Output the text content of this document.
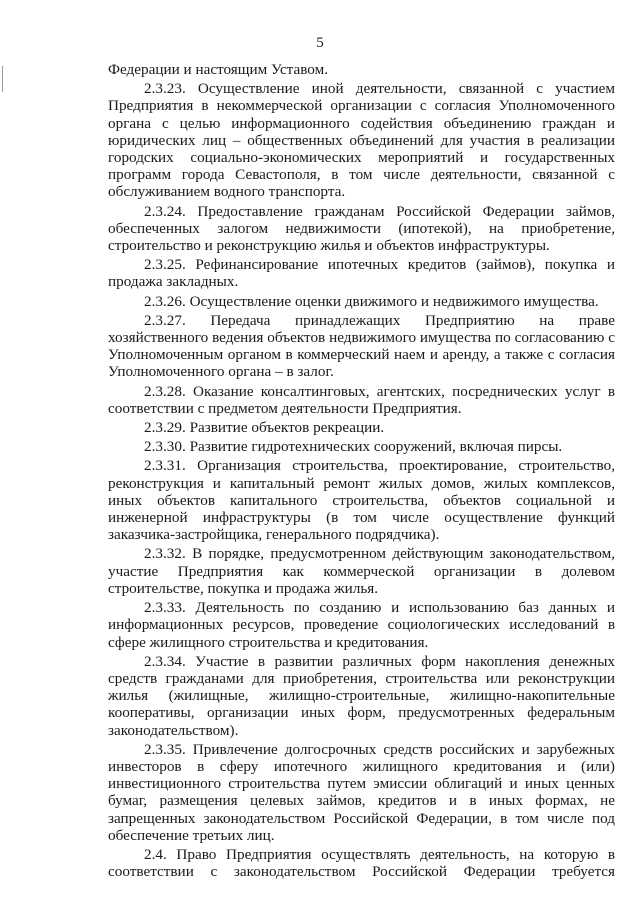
5

Федерации и настоящим Уставом.

2.3.23. Осуществление иной деятельности, связанной с участием Предприятия в некоммерческой организации с согласия Уполномоченного органа с целью информационного содействия объединению граждан и юридических лиц – общественных объединений для участия в реализации городских социально-экономических мероприятий и государственных программ города Севастополя, в том числе деятельности, связанной с обслуживанием водного транспорта.

2.3.24. Предоставление гражданам Российской Федерации займов, обеспеченных залогом недвижимости (ипотекой), на приобретение, строительство и реконструкцию жилья и объектов инфраструктуры.

2.3.25. Рефинансирование ипотечных кредитов (займов), покупка и продажа закладных.

2.3.26. Осуществление оценки движимого и недвижимого имущества.

2.3.27. Передача принадлежащих Предприятию на праве хозяйственного ведения объектов недвижимого имущества по согласованию с Уполномоченным органом в коммерческий наем и аренду, а также с согласия Уполномоченного органа – в залог.

2.3.28. Оказание консалтинговых, агентских, посреднических услуг в соответствии с предметом деятельности Предприятия.

2.3.29. Развитие объектов рекреации.

2.3.30. Развитие гидротехнических сооружений, включая пирсы.

2.3.31. Организация строительства, проектирование, строительство, реконструкция и капитальный ремонт жилых домов, жилых комплексов, иных объектов капитального строительства, объектов социальной и инженерной инфраструктуры (в том числе осуществление функций заказчика-застройщика, генерального подрядчика).

2.3.32. В порядке, предусмотренном действующим законодательством, участие Предприятия как коммерческой организации в долевом строительстве, покупка и продажа жилья.

2.3.33. Деятельность по созданию и использованию баз данных и информационных ресурсов, проведение социологических исследований в сфере жилищного строительства и кредитования.

2.3.34. Участие в развитии различных форм накопления денежных средств гражданами для приобретения, строительства или реконструкции жилья (жилищные, жилищно-строительные, жилищно-накопительные кооперативы, организации иных форм, предусмотренных федеральным законодательством).

2.3.35. Привлечение долгосрочных средств российских и зарубежных инвесторов в сферу ипотечного жилищного кредитования и (или) инвестиционного строительства путем эмиссии облигаций и иных ценных бумаг, размещения целевых займов, кредитов и в иных формах, не запрещенных законодательством Российской Федерации, в том числе под обеспечение третьих лиц.

2.4. Право Предприятия осуществлять деятельность, на которую в соответствии с законодательством Российской Федерации требуется
